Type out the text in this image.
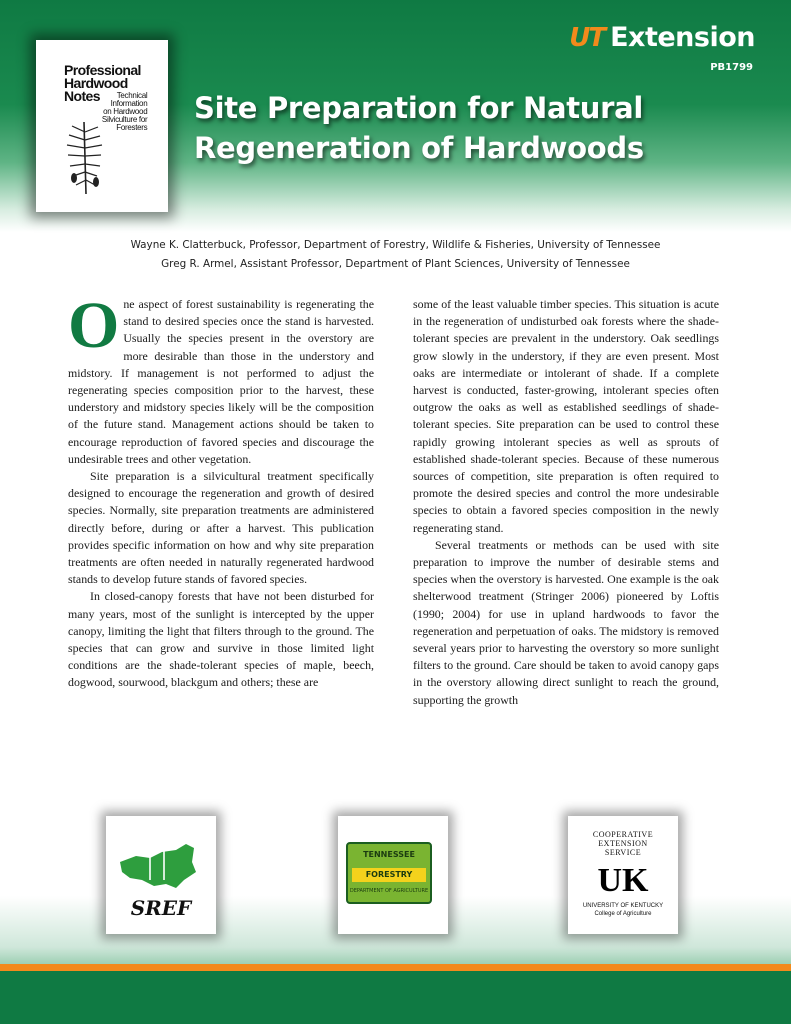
UT Extension
PB1799
Professional
Hardwood
Notes	Technical
Information
on Hardwood
Silviculture for
Foresters
Site Preparation for Natural
Regeneration of Hardwoods
Wayne K. Clatterbuck, Professor, Department of Forestry, Wildlife & Fisheries, University of Tennessee
Greg R. Armel, Assistant Professor, Department of Plant Sciences, University of Tennessee

One aspect of forest sustainability is regenerating the stand to desired species once the stand is harvested. Usually the species present in the overstory are more desirable than those in the understory and midstory. If management is not performed to adjust the regenerating species composition prior to the harvest, these understory and midstory species likely will be the composition of the future stand. Management actions should be taken to encourage reproduction of favored species and discourage the undesirable trees and other vegetation.

Site preparation is a silvicultural treatment specifically designed to encourage the regeneration and growth of desired species. Normally, site preparation treatments are administered directly before, during or after a harvest. This publication provides specific information on how and why site preparation treatments are often needed in naturally regenerated hardwood stands to develop future stands of favored species.

In closed-canopy forests that have not been disturbed for many years, most of the sunlight is intercepted by the upper canopy, limiting the light that filters through to the ground. The species that can grow and survive in those limited light conditions are the shade-tolerant species of maple, beech, dogwood, sourwood, blackgum and others; these are

some of the least valuable timber species. This situation is acute in the regeneration of undisturbed oak forests where the shade-tolerant species are prevalent in the understory. Oak seedlings grow slowly in the understory, if they are even present. Most oaks are intermediate or intolerant of shade. If a complete harvest is conducted, faster-growing, intolerant species often outgrow the oaks as well as established seedlings of shade-tolerant species. Site preparation can be used to control these rapidly growing intolerant species as well as sprouts of established shade-tolerant species. Because of these numerous sources of competition, site preparation is often required to promote the desired species and control the more undesirable species to obtain a favored species composition in the newly regenerating stand.

Several treatments or methods can be used with site preparation to improve the number of desirable stems and species when the overstory is harvested. One example is the oak shelterwood treatment (Stringer 2006) pioneered by Loftis (1990; 2004) for use in upland hardwoods to favor the regeneration and perpetuation of oaks. The midstory is removed several years prior to harvesting the overstory so more sunlight filters to the ground. Care should be taken to avoid canopy gaps in the overstory allowing direct sunlight to reach the ground, supporting the growth

SREF
TENNESSEE
FORESTRY
DEPARTMENT OF AGRICULTURE
COOPERATIVE
EXTENSION
SERVICE
UK
UNIVERSITY OF KENTUCKY
College of Agriculture
